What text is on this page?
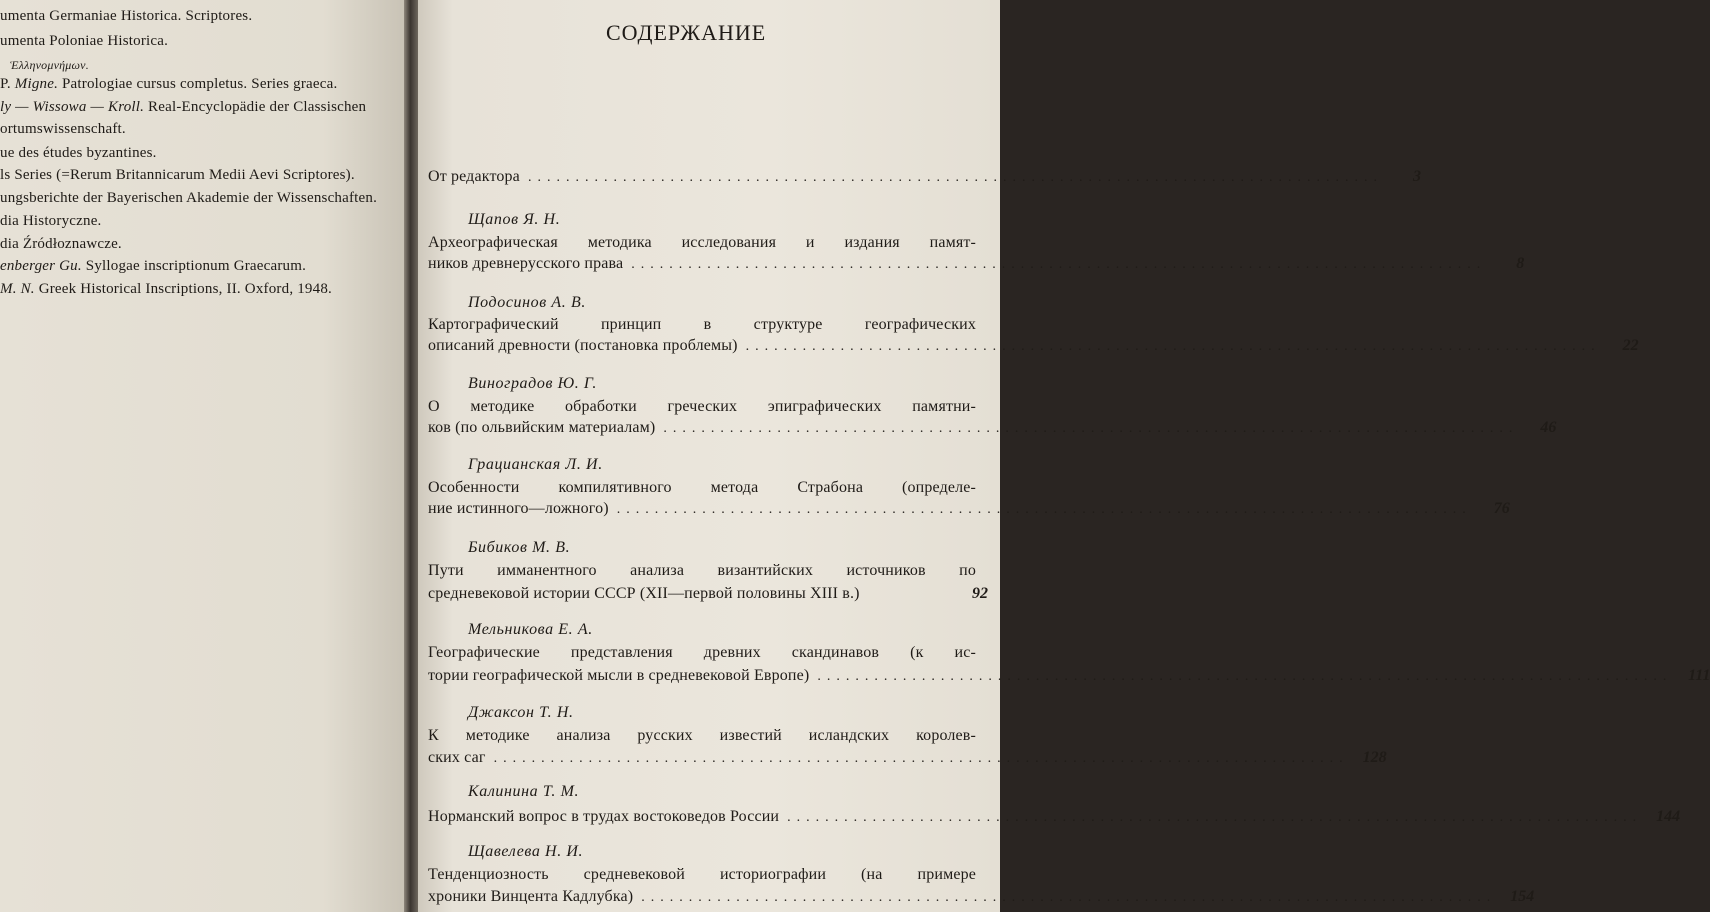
umenta Germaniae Historica. Scriptores.
umenta Poloniae Historica.
Ἑλληνομνήμων.
P. Migne. Patrologiae cursus completus. Series graeca.
ly — Wissowa — Kroll. Real-Encyclopädie der Classischen
ortumswissenschaft.
ue des études byzantines.
ls Series (=Rerum Britannicarum Medii Aevi Scriptores).
ungsberichte der Bayerischen Akademie der Wissenschaften.
dia Historyczne.
dia Źródłoznawcze.
enberger Gu. Syllogae inscriptionum Graecarum.
M. N. Greek Historical Inscriptions, II. Oxford, 1948.
СОДЕРЖАНИЕ
От редактора ..........................................................................................	3
Щапов Я. Н.
Археографическая методика исследования и издания памят-
ников древнерусского права ..........................................................................................	8
Подосинов А. В.
Картографический принцип в структуре географических
описаний древности (постановка проблемы) ..........................................................................................	22
Виноградов Ю. Г.
О методике обработки греческих эпиграфических памятни-
ков (по ольвийским материалам) ..........................................................................................	46
Грацианская Л. И.
Особенности компилятивного метода Страбона (определе-
ние истинного—ложного) ..........................................................................................	76
Бибиков М. В.
Пути имманентного анализа византийских источников по
средневековой истории СССР (XII—первой половины XIII в.)	92
Мельникова Е. А.
Географические представления древних скандинавов (к ис-
тории географической мысли в средневековой Европе) .......................................................................................... 111
Джаксон Т. Н.
К методике анализа русских известий исландских королев-
ских саг .......................................................................................... 128
Калинина Т. М.
Норманский вопрос в трудах востоковедов России .......................................................................................... 144
Щавелева Н. И.
Тенденциозность средневековой историографии (на примере
хроники Винцента Кадлубка) .......................................................................................... 154
